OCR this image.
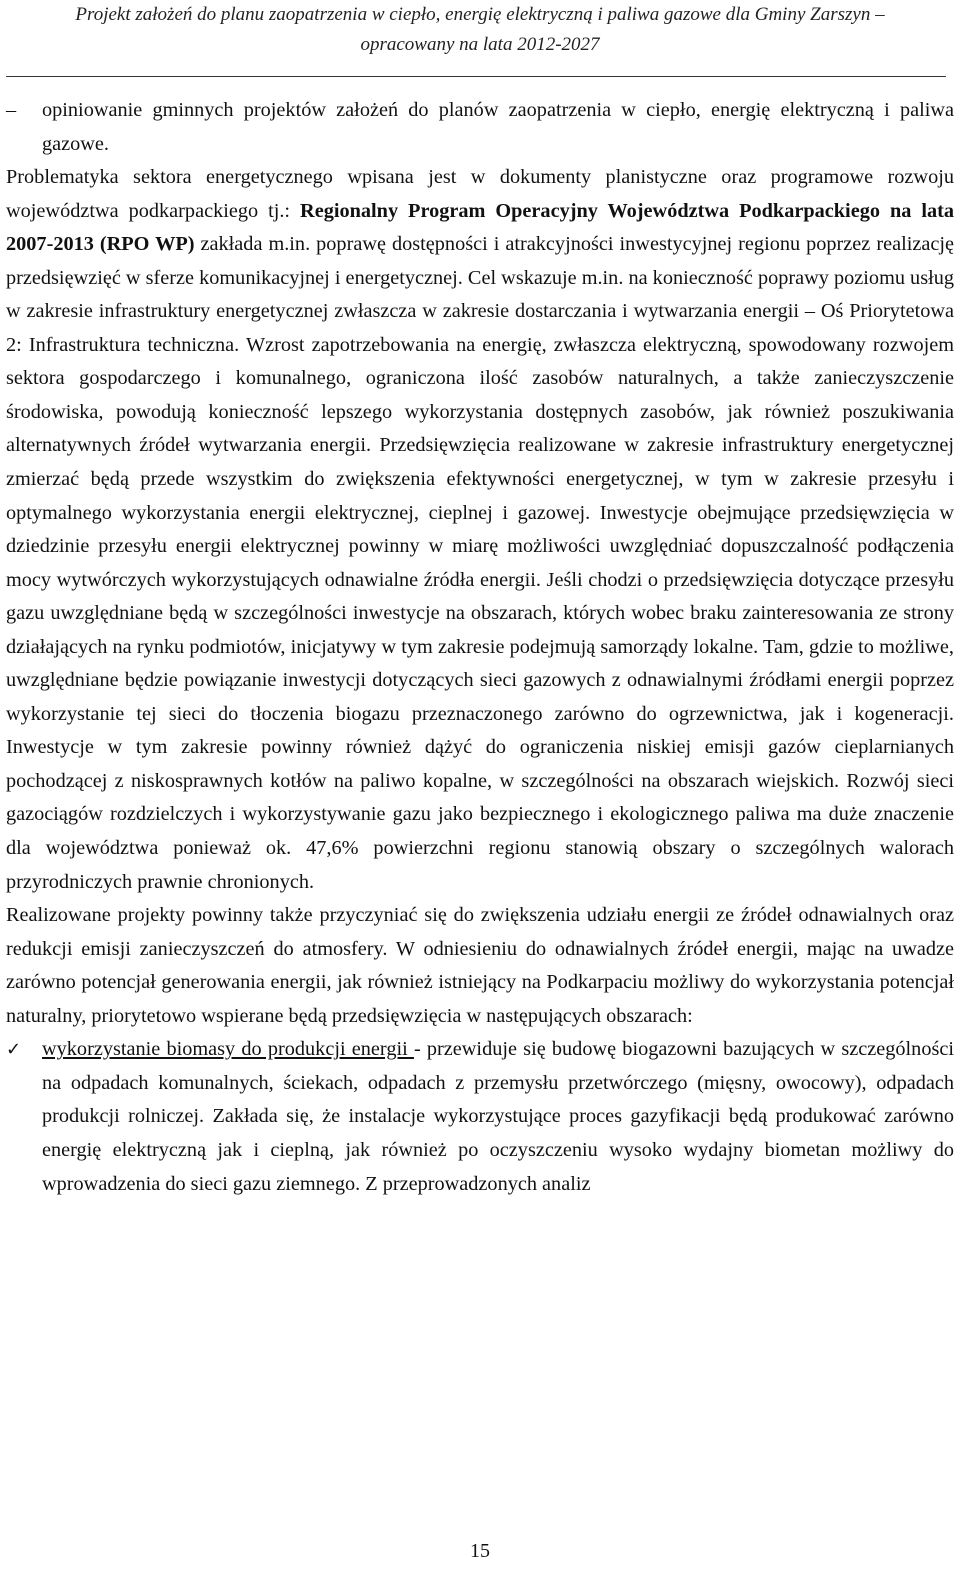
Projekt założeń do planu zaopatrzenia w ciepło, energię elektryczną i paliwa gazowe dla Gminy Zarszyn –
opracowany na lata 2012-2027

– opiniowanie gminnych projektów założeń do planów zaopatrzenia w ciepło, energię elektryczną i paliwa gazowe.

Problematyka sektora energetycznego wpisana jest w dokumenty planistyczne oraz programowe rozwoju województwa podkarpackiego tj.: Regionalny Program Operacyjny Województwa Podkarpackiego na lata 2007-2013 (RPO WP) zakłada m.in. poprawę dostępności i atrakcyjności inwestycyjnej regionu poprzez realizację przedsięwzięć w sferze komunikacyjnej i energetycznej. Cel wskazuje m.in. na konieczność poprawy poziomu usług w zakresie infrastruktury energetycznej zwłaszcza w zakresie dostarczania i wytwarzania energii – Oś Priorytetowa 2: Infrastruktura techniczna. Wzrost zapotrzebowania na energię, zwłaszcza elektryczną, spowodowany rozwojem sektora gospodarczego i komunalnego, ograniczona ilość zasobów naturalnych, a także zanieczyszczenie środowiska, powodują konieczność lepszego wykorzystania dostępnych zasobów, jak również poszukiwania alternatywnych źródeł wytwarzania energii. Przedsięwzięcia realizowane w zakresie infrastruktury energetycznej zmierzać będą przede wszystkim do zwiększenia efektywności energetycznej, w tym w zakresie przesyłu i optymalnego wykorzystania energii elektrycznej, cieplnej i gazowej. Inwestycje obejmujące przedsięwzięcia w dziedzinie przesyłu energii elektrycznej powinny w miarę możliwości uwzględniać dopuszczalność podłączenia mocy wytwórczych wykorzystujących odnawialne źródła energii. Jeśli chodzi o przedsięwzięcia dotyczące przesyłu gazu uwzględniane będą w szczególności inwestycje na obszarach, których wobec braku zainteresowania ze strony działających na rynku podmiotów, inicjatywy w tym zakresie podejmują samorządy lokalne. Tam, gdzie to możliwe, uwzględniane będzie powiązanie inwestycji dotyczących sieci gazowych z odnawialnymi źródłami energii poprzez wykorzystanie tej sieci do tłoczenia biogazu przeznaczonego zarówno do ogrzewnictwa, jak i kogeneracji. Inwestycje w tym zakresie powinny również dążyć do ograniczenia niskiej emisji gazów cieplarnianych pochodzącej z niskosprawnych kotłów na paliwo kopalne, w szczególności na obszarach wiejskich. Rozwój sieci gazociągów rozdzielczych i wykorzystywanie gazu jako bezpiecznego i ekologicznego paliwa ma duże znaczenie dla województwa ponieważ ok. 47,6% powierzchni regionu stanowią obszary o szczególnych walorach przyrodniczych prawnie chronionych.

Realizowane projekty powinny także przyczyniać się do zwiększenia udziału energii ze źródeł odnawialnych oraz redukcji emisji zanieczyszczeń do atmosfery. W odniesieniu do odnawialnych źródeł energii, mając na uwadze zarówno potencjał generowania energii, jak również istniejący na Podkarpaciu możliwy do wykorzystania potencjał naturalny, priorytetowo wspierane będą przedsięwzięcia w następujących obszarach:

✓ wykorzystanie biomasy do produkcji energii - przewiduje się budowę biogazowni bazujących w szczególności na odpadach komunalnych, ściekach, odpadach z przemysłu przetwórczego (mięsny, owocowy), odpadach produkcji rolniczej. Zakłada się, że instalacje wykorzystujące proces gazyfikacji będą produkować zarówno energię elektryczną jak i cieplną, jak również po oczyszczeniu wysoko wydajny biometan możliwy do wprowadzenia do sieci gazu ziemnego. Z przeprowadzonych analiz

15
